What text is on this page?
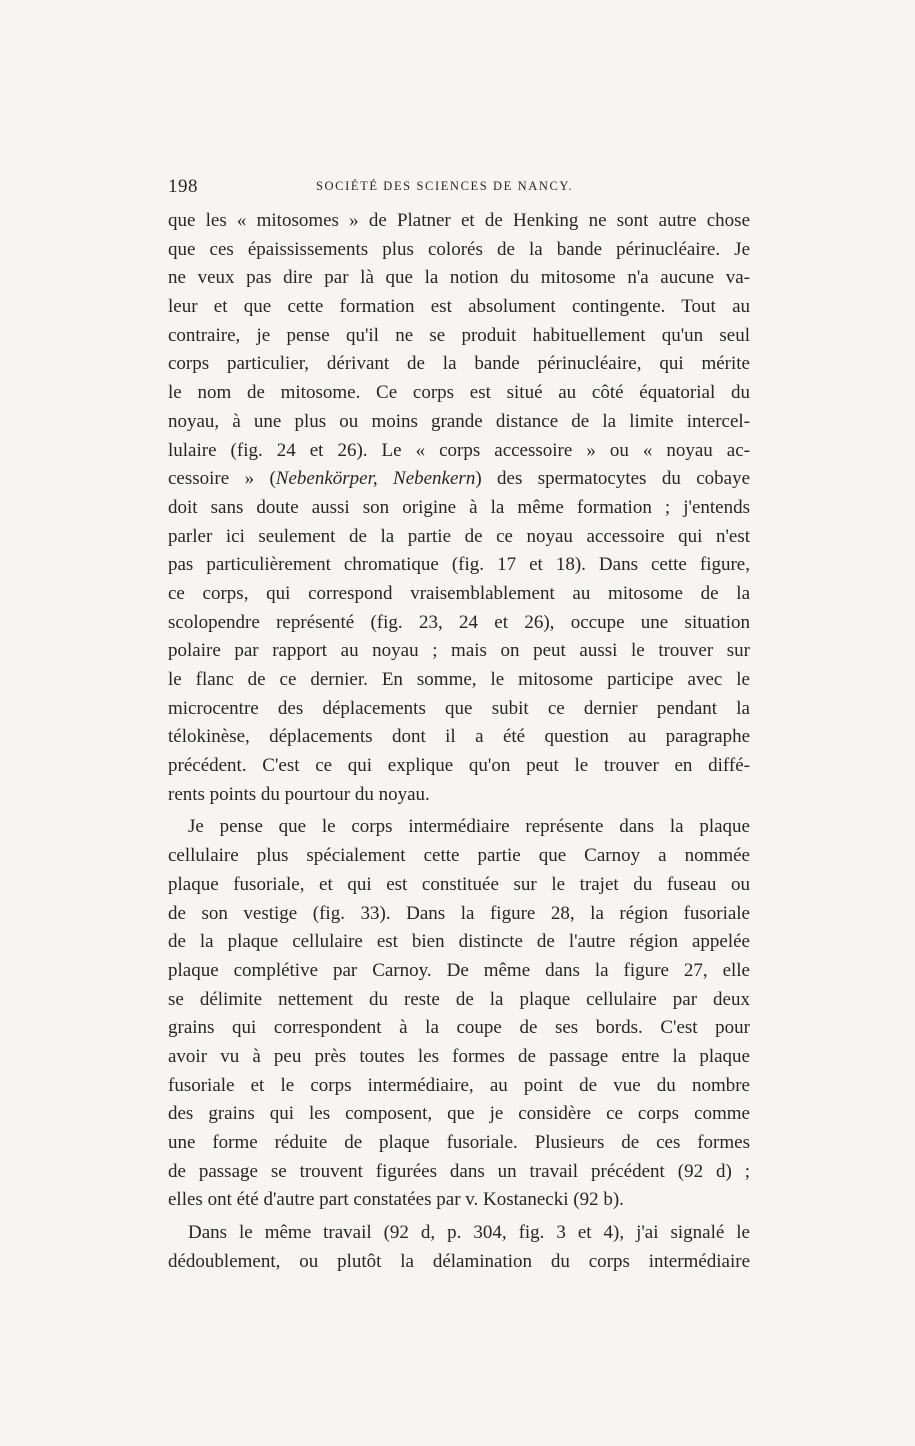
198	SOCIÉTÉ DES SCIENCES DE NANCY.
que les « mitosomes » de Platner et de Henking ne sont autre chose
que ces épaississements plus colorés de la bande périnucléaire. Je
ne veux pas dire par là que la notion du mitosome n'a aucune va-
leur et que cette formation est absolument contingente. Tout au
contraire, je pense qu'il ne se produit habituellement qu'un seul
corps particulier, dérivant de la bande périnucléaire, qui mérite
le nom de mitosome. Ce corps est situé au côté équatorial du
noyau, à une plus ou moins grande distance de la limite intercel-
lulaire (fig. 24 et 26). Le « corps accessoire » ou « noyau ac-
cessoire » (Nebenkörper, Nebenkern) des spermatocytes du cobaye
doit sans doute aussi son origine à la même formation ; j'entends
parler ici seulement de la partie de ce noyau accessoire qui n'est
pas particulièrement chromatique (fig. 17 et 18). Dans cette figure,
ce corps, qui correspond vraisemblablement au mitosome de la
scolopendre représenté (fig. 23, 24 et 26), occupe une situation
polaire par rapport au noyau ; mais on peut aussi le trouver sur
le flanc de ce dernier. En somme, le mitosome participe avec le
microcentre des déplacements que subit ce dernier pendant la
télokinèse, déplacements dont il a été question au paragraphe
précédent. C'est ce qui explique qu'on peut le trouver en diffé-
rents points du pourtour du noyau.
Je pense que le corps intermédiaire représente dans la plaque
cellulaire plus spécialement cette partie que Carnoy a nommée
plaque fusoriale, et qui est constituée sur le trajet du fuseau ou
de son vestige (fig. 33). Dans la figure 28, la région fusoriale
de la plaque cellulaire est bien distincte de l'autre région appelée
plaque complétive par Carnoy. De même dans la figure 27, elle
se délimite nettement du reste de la plaque cellulaire par deux
grains qui correspondent à la coupe de ses bords. C'est pour
avoir vu à peu près toutes les formes de passage entre la plaque
fusoriale et le corps intermédiaire, au point de vue du nombre
des grains qui les composent, que je considère ce corps comme
une forme réduite de plaque fusoriale. Plusieurs de ces formes
de passage se trouvent figurées dans un travail précédent (92 d) ;
elles ont été d'autre part constatées par v. Kostanecki (92 b).
Dans le même travail (92 d, p. 304, fig. 3 et 4), j'ai signalé le
dédoublement, ou plutôt la délamination du corps intermédiaire
